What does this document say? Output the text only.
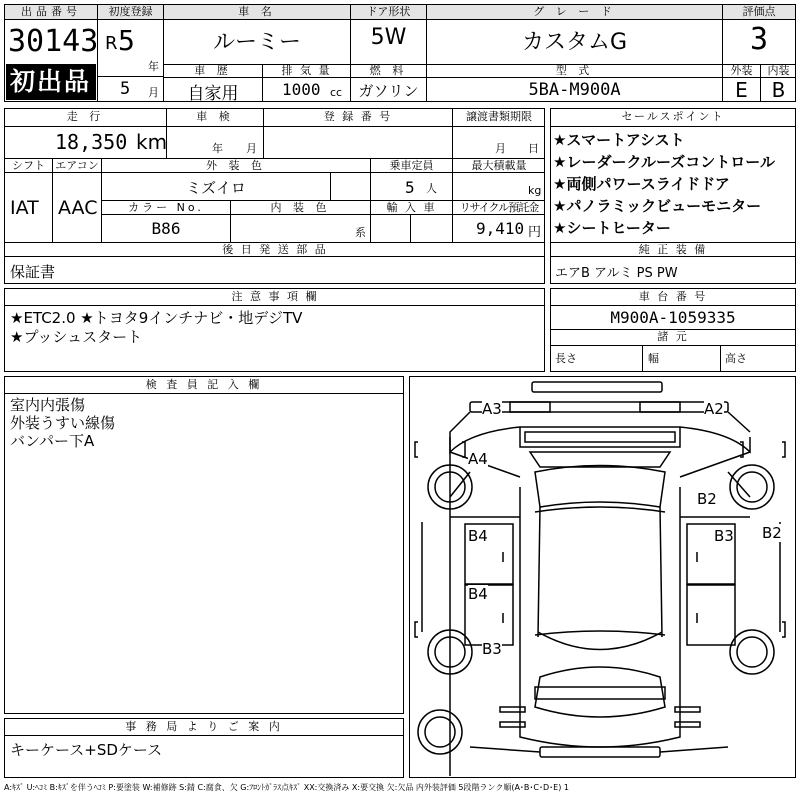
出品番号
30143
初出品
初度登録
R 5
年
5 月
車 名
ルーミー
ドア形状
5W
グ レ ー ド
カスタムG
評価点
3
車 歴
自家用
排 気 量
1000 cc
燃 料
ガソリン
型 式
5BA-M900A
外装	内装
E	B
走 行
18,350 km
車 検
年 月
登 録 番 号	譲渡書類期限
月 日
シフト エアコン	外 装 色	乗車定員	最大積載量
IAT AAC
ミズイロ	5 人	kg
カラー No.	内 装 色	輸 入 車	リサイクル預託金
B86	系	9,410 円
後 日 発 送 部 品
保証書
セールスポイント
★スマートアシスト
★レーダークルーズコントロール
★両側パワースライドドア
★パノラミックビューモニター
★シートヒーター
純 正 装 備
エアB アルミ PS PW
注 意 事 項 欄
★ETC2.0 ★トヨタ9インチナビ・地デジTV
★プッシュスタート
車 台 番 号
M900A-1059335
諸 元
長さ	幅	高さ
検 査 員 記 入 欄
室内内張傷
外装うすい線傷
バンパー下A
事 務 局 よ り ご 案 内
キーケース+SDケース
A3	A2
A4
B2
B4	B3 B2
B4
B3
A:ｷｽﾞ U:ﾍｺﾐ B:ｷｽﾞを伴うﾍｺﾐ P:要塗装 W:補修跡 S:錆 C:腐食、欠 G:ﾌﾛﾝﾄｶﾞﾗｽ点ｷｽﾞ XX:交換済み X:要交換 欠:欠品 内外装評価 5段階ランク順(A･B･C･D･E) 1
